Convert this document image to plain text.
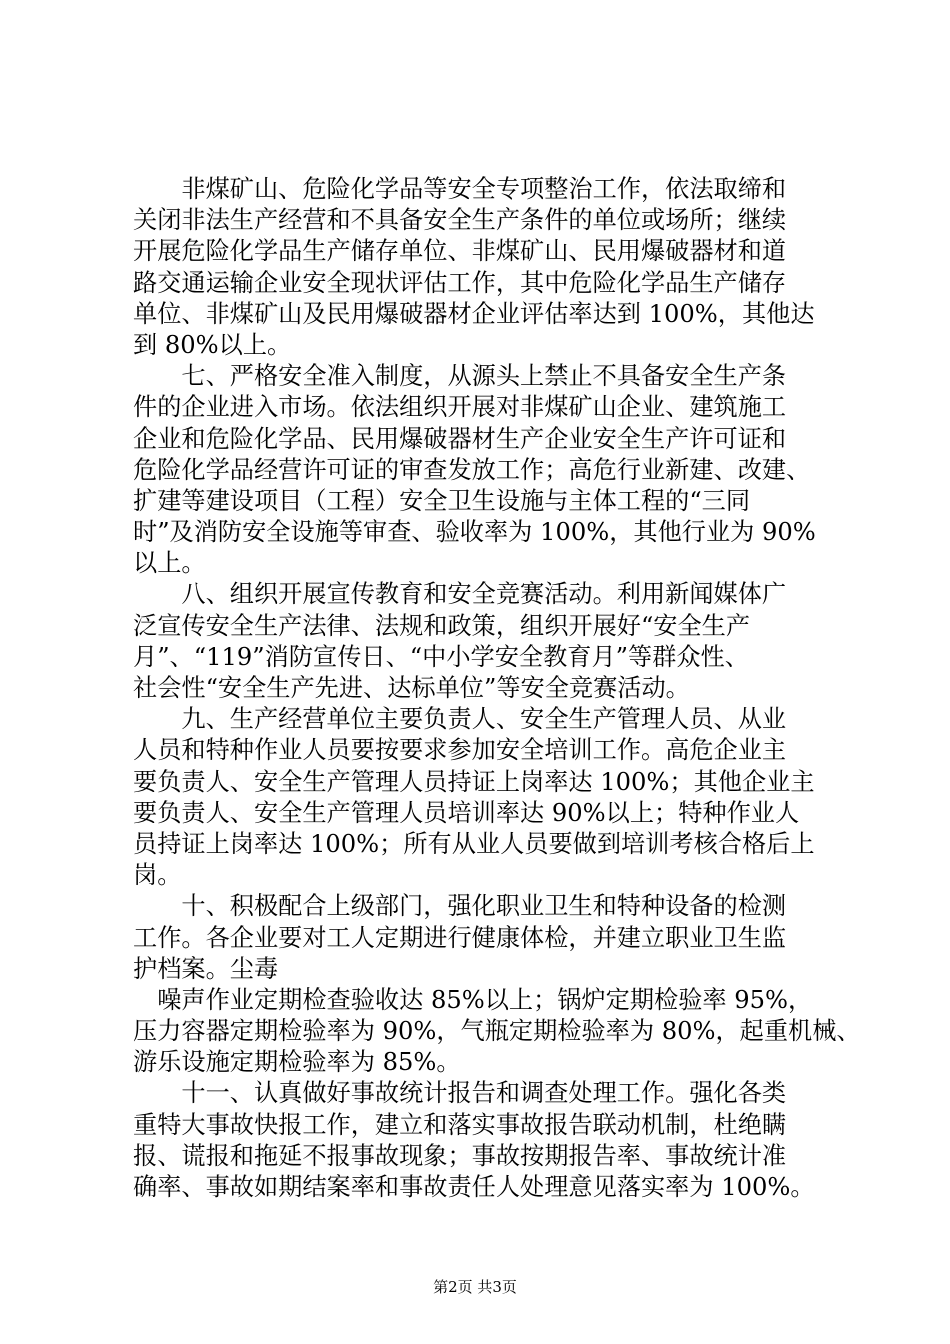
　　非煤矿山、危险化学品等安全专项整治工作，依法取缔和
关闭非法生产经营和不具备安全生产条件的单位或场所；继续
开展危险化学品生产储存单位、非煤矿山、民用爆破器材和道
路交通运输企业安全现状评估工作，其中危险化学品生产储存
单位、非煤矿山及民用爆破器材企业评估率达到 100%，其他达
到 80%以上。
　　七、严格安全准入制度，从源头上禁止不具备安全生产条
件的企业进入市场。依法组织开展对非煤矿山企业、建筑施工
企业和危险化学品、民用爆破器材生产企业安全生产许可证和
危险化学品经营许可证的审查发放工作；高危行业新建、改建、
扩建等建设项目（工程）安全卫生设施与主体工程的“三同
时”及消防安全设施等审查、验收率为 100%，其他行业为 90%
以上。
　　八、组织开展宣传教育和安全竞赛活动。利用新闻媒体广
泛宣传安全生产法律、法规和政策，组织开展好“安全生产
月”、“119”消防宣传日、“中小学安全教育月”等群众性、
社会性“安全生产先进、达标单位”等安全竞赛活动。
　　九、生产经营单位主要负责人、安全生产管理人员、从业
人员和特种作业人员要按要求参加安全培训工作。高危企业主
要负责人、安全生产管理人员持证上岗率达 100%；其他企业主
要负责人、安全生产管理人员培训率达 90%以上；特种作业人
员持证上岗率达 100%；所有从业人员要做到培训考核合格后上
岗。
　　十、积极配合上级部门，强化职业卫生和特种设备的检测
工作。各企业要对工人定期进行健康体检，并建立职业卫生监
护档案。尘毒
　噪声作业定期检查验收达 85%以上；锅炉定期检验率 95%，
压力容器定期检验率为 90%，气瓶定期检验率为 80%，起重机械、
游乐设施定期检验率为 85%。
　　十一、认真做好事故统计报告和调查处理工作。强化各类
重特大事故快报工作，建立和落实事故报告联动机制，杜绝瞒
报、谎报和拖延不报事故现象；事故按期报告率、事故统计准
确率、事故如期结案率和事故责任人处理意见落实率为 100%。
第2页 共3页
